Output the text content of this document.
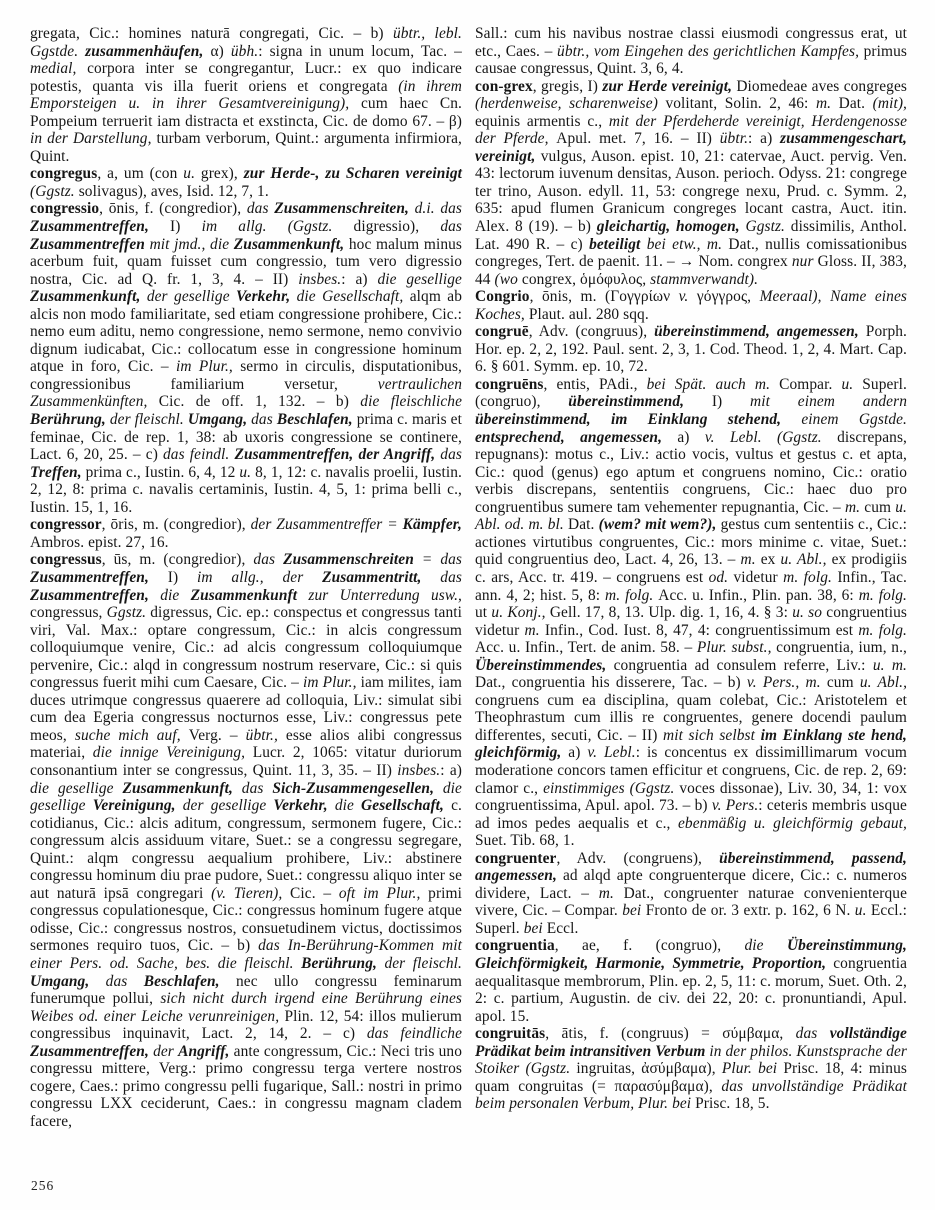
gregata, Cic.: homines naturā congregati, Cic. – b) übtr., lebl. Ggstde. zusammenhäufen, α) übh.: signa in unum locum, Tac. – medial, corpora inter se congregantur, Lucr.: ex quo indicare potestis, quanta vis illa fuerit oriens et congregata (in ihrem Emporsteigen u. in ihrer Gesamtvereinigung), cum haec Cn. Pompeium terruerit iam distracta et exstincta, Cic. de domo 67. – β) in der Darstellung, turbam verborum, Quint.: argumenta infirmiora, Quint.

congregus, a, um (con u. grex), zur Herde-, zu Scharen vereinigt (Ggstz. solivagus), aves, Isid. 12, 7, 1.

congressio, ōnis, f. (congredior), das Zusammenschreiten, d.i. das Zusammentreffen, I) im allg. (Ggstz. digressio), das Zusammentreffen mit jmd., die Zusammenkunft, hoc malum minus acerbum fuit, quam fuisset cum congressio, tum vero digressio nostra, Cic. ad Q. fr. 1, 3, 4. – II) insbes.: a) die gesellige Zusammenkunft, der gesellige Verkehr, die Gesellschaft, alqm ab alcis non modo familiaritate, sed etiam congressione prohibere, Cic.: nemo eum aditu, nemo congressione, nemo sermone, nemo convivio dignum iudicabat, Cic.: collocatum esse in congressione hominum atque in foro, Cic. – im Plur., sermo in circulis, disputationibus, congressionibus familiarium versetur, vertraulichen Zusammenkünften, Cic. de off. 1, 132. – b) die fleischliche Berührung, der fleischl. Umgang, das Beschlafen, prima c. maris et feminae, Cic. de rep. 1, 38: ab uxoris congressione se continere, Lact. 6, 20, 25. – c) das feindl. Zusammentreffen, der Angriff, das Treffen, prima c., Iustin. 6, 4, 12 u. 8, 1, 12: c. navalis proelii, Iustin. 2, 12, 8: prima c. navalis certaminis, Iustin. 4, 5, 1: prima belli c., Iustin. 15, 1, 16.

congressor, ōris, m. (congredior), der Zusammentreffer = Kämpfer, Ambros. epist. 27, 16.

congressus, ūs, m. (congredior), das Zusammenschreiten = das Zusammentreffen, I) im allg., der Zusammentritt, das Zusammentreffen, die Zusammenkunft zur Unterredung usw., congressus, Ggstz. digressus, Cic. ep.: conspectus et congressus tanti viri, Val. Max.: optare congressum, Cic.: in alcis congressum colloquiumque venire, Cic.: ad alcis congressum colloquiumque pervenire, Cic.: alqd in congressum nostrum reservare, Cic.: si quis congressus fuerit mihi cum Caesare, Cic. – im Plur., iam milites, iam duces utrimque congressus quaerere ad colloquia, Liv.: simulat sibi cum dea Egeria congressus nocturnos esse, Liv.: congressus pete meos, suche mich auf, Verg. – übtr., esse alios alibi congressus materiai, die innige Vereinigung, Lucr. 2, 1065: vitatur duriorum consonantium inter se congressus, Quint. 11, 3, 35. – II) insbes.: a) die gesellige Zusammenkunft, das Sich-Zusammengesellen, die gesellige Vereinigung, der gesellige Verkehr, die Gesellschaft, c. cotidianus, Cic.: alcis aditum, congressum, sermonem fugere, Cic.: congressum alcis assiduum vitare, Suet.: se a congressu segregare, Quint.: alqm congressu aequalium prohibere, Liv.: abstinere congressu hominum diu prae pudore, Suet.: congressu aliquo inter se aut naturā ipsā congregari (v. Tieren), Cic. – oft im Plur., primi congressus copulationesque, Cic.: congressus hominum fugere atque odisse, Cic.: congressus nostros, consuetudinem victus, doctissimos sermones requiro tuos, Cic. – b) das In-Berührung-Kommen mit einer Pers. od. Sache, bes. die fleischl. Berührung, der fleischl. Umgang, das Beschlafen, nec ullo congressu feminarum funerumque pollui, sich nicht durch irgend eine Berührung eines Weibes od. einer Leiche verunreinigen, Plin. 12, 54: illos mulierum congressibus inquinavit, Lact. 2, 14, 2. – c) das feindliche Zusammentreffen, der Angriff, ante congressum, Cic.: Neci tris uno congressu mittere, Verg.: primo congressu terga vertere nostros cogere, Caes.: primo congressu pelli fugarique, Sall.: nostri in primo congressu LXX ceciderunt, Caes.: in congressu magnam cladem facere,

Sall.: cum his navibus nostrae classi eiusmodi congressus erat, ut etc., Caes. – übtr., vom Eingehen des gerichtlichen Kampfes, primus causae congressus, Quint. 3, 6, 4.

con-grex, gregis, I) zur Herde vereinigt, Diomedeae aves congreges (herdenweise, scharenweise) volitant, Solin. 2, 46: m. Dat. (mit), equinis armentis c., mit der Pferdeherde vereinigt, Herdengenosse der Pferde, Apul. met. 7, 16. – II) übtr.: a) zusammengeschart, vereinigt, vulgus, Auson. epist. 10, 21: catervae, Auct. pervig. Ven. 43: lectorum iuvenum densitas, Auson. perioch. Odyss. 21: congrege ter trino, Auson. edyll. 11, 53: congrege nexu, Prud. c. Symm. 2, 635: apud flumen Granicum congreges locant castra, Auct. itin. Alex. 8 (19). – b) gleichartig, homogen, Ggstz. dissimilis, Anthol. Lat. 490 R. – c) beteiligt bei etw., m. Dat., nullis comissationibus congreges, Tert. de paenit. 11. – → Nom. congrex nur Gloss. II, 383, 44 (wo congrex, ὁμόφυλος, stammverwandt).

Congrio, ōnis, m. (Γογγρίων v. γόγγρος, Meeraal), Name eines Koches, Plaut. aul. 280 sqq.

congruē, Adv. (congruus), übereinstimmend, angemessen, Porph. Hor. ep. 2, 2, 192. Paul. sent. 2, 3, 1. Cod. Theod. 1, 2, 4. Mart. Cap. 6. § 601. Symm. ep. 10, 72.

congruēns, entis, PAdi., bei Spät. auch m. Compar. u. Superl. (congruo), übereinstimmend, I) mit einem andern übereinstimmend, im Einklang stehend, einem Ggstde. entsprechend, angemessen, a) v. Lebl. (Ggstz. discrepans, repugnans): motus c., Liv.: actio vocis, vultus et gestus c. et apta, Cic.: quod (genus) ego aptum et congruens nomino, Cic.: oratio verbis discrepans, sententiis congruens, Cic.: haec duo pro congruentibus sumere tam vehementer repugnantia, Cic. – m. cum u. Abl. od. m. bl. Dat. (wem? mit wem?), gestus cum sententiis c., Cic.: actiones virtutibus congruentes, Cic.: mors minime c. vitae, Suet.: quid congruentius deo, Lact. 4, 26, 13. – m. ex u. Abl., ex prodigiis c. ars, Acc. tr. 419. – congruens est od. videtur m. folg. Infin., Tac. ann. 4, 2; hist. 5, 8: m. folg. Acc. u. Infin., Plin. pan. 38, 6: m. folg. ut u. Konj., Gell. 17, 8, 13. Ulp. dig. 1, 16, 4. § 3: u. so congruentius videtur m. Infin., Cod. Iust. 8, 47, 4: congruentissimum est m. folg. Acc. u. Infin., Tert. de anim. 58. – Plur. subst., congruentia, ium, n., Übereinstimmendes, congruentia ad consulem referre, Liv.: u. m. Dat., congruentia his disserere, Tac. – b) v. Pers., m. cum u. Abl., congruens cum ea disciplina, quam colebat, Cic.: Aristotelem et Theophrastum cum illis re congruentes, genere docendi paulum differentes, secuti, Cic. – II) mit sich selbst im Einklang ste hend, gleichförmig, a) v. Lebl.: is concentus ex dissimillimarum vocum moderatione concors tamen efficitur et congruens, Cic. de rep. 2, 69: clamor c., einstimmiges (Ggstz. voces dissonae), Liv. 30, 34, 1: vox congruentissima, Apul. apol. 73. – b) v. Pers.: ceteris membris usque ad imos pedes aequalis et c., ebenmäßig u. gleichförmig gebaut, Suet. Tib. 68, 1.

congruenter, Adv. (congruens), übereinstimmend, passend, angemessen, ad alqd apte congruenterque dicere, Cic.: c. numeros dividere, Lact. – m. Dat., congruenter naturae convenienterque vivere, Cic. – Compar. bei Fronto de or. 3 extr. p. 162, 6 N. u. Eccl.: Superl. bei Eccl.

congruentia, ae, f. (congruo), die Übereinstimmung, Gleichförmigkeit, Harmonie, Symmetrie, Proportion, congruentia aequalitasque membrorum, Plin. ep. 2, 5, 11: c. morum, Suet. Oth. 2, 2: c. partium, Augustin. de civ. dei 22, 20: c. pronuntiandi, Apul. apol. 15.

congruitās, ātis, f. (congruus) = σύμβαμα, das vollständige Prädikat beim intransitiven Verbum in der philos. Kunstsprache der Stoiker (Ggstz. ingruitas, ἀσύμβαμα), Plur. bei Prisc. 18, 4: minus quam congruitas (= παρασύμβαμα), das unvollständige Prädikat beim personalen Verbum, Plur. bei Prisc. 18, 5.

256
